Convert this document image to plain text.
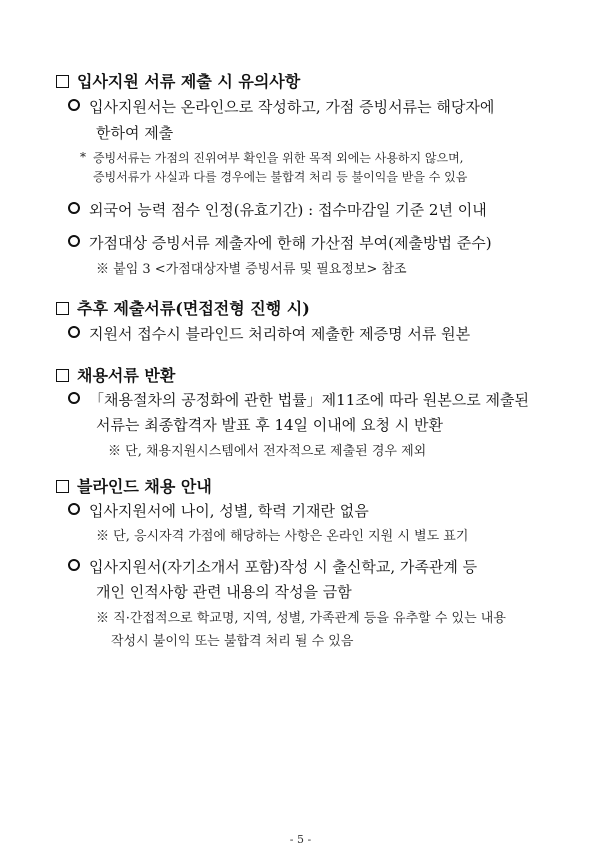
입사지원 서류 제출 시 유의사항
입사지원서는 온라인으로 작성하고, 가점 증빙서류는 해당자에
한하여 제출
* 증빙서류는 가점의 진위여부 확인을 위한 목적 외에는 사용하지 않으며,
증빙서류가 사실과 다를 경우에는 불합격 처리 등 불이익을 받을 수 있음
외국어 능력 점수 인정(유효기간) : 접수마감일 기준 2년 이내
가점대상 증빙서류 제출자에 한해 가산점 부여(제출방법 준수)
※ 붙임 3 <가점대상자별 증빙서류 및 필요정보> 참조
추후 제출서류(면접전형 진행 시)
지원서 접수시 블라인드 처리하여 제출한 제증명 서류 원본
채용서류 반환
「채용절차의 공정화에 관한 법률」제11조에 따라 원본으로 제출된
서류는 최종합격자 발표 후 14일 이내에 요청 시 반환
※ 단, 채용지원시스템에서 전자적으로 제출된 경우 제외
블라인드 채용 안내
입사지원서에 나이, 성별, 학력 기재란 없음
※ 단, 응시자격 가점에 해당하는 사항은 온라인 지원 시 별도 표기
입사지원서(자기소개서 포함)작성 시 출신학교, 가족관계 등
개인 인적사항 관련 내용의 작성을 금함
※ 직·간접적으로 학교명, 지역, 성별, 가족관계 등을 유추할 수 있는 내용
작성시 불이익 또는 불합격 처리 될 수 있음
- 5 -
